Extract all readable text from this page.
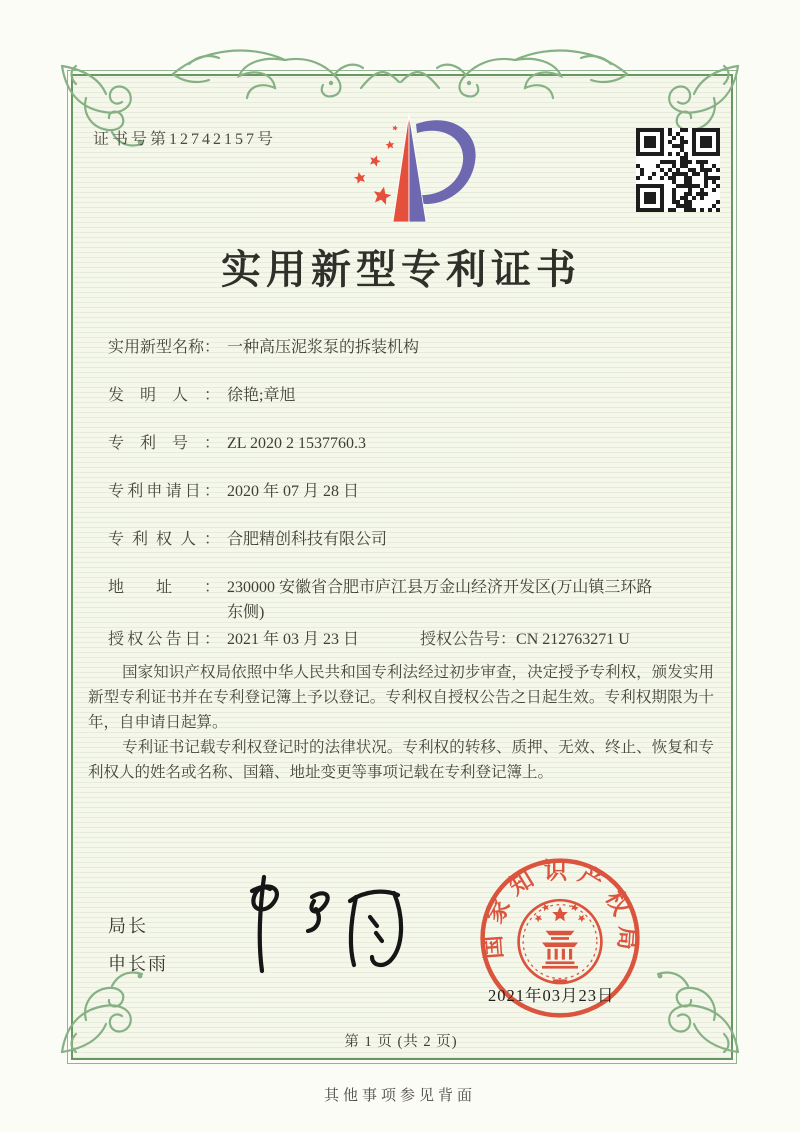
证书号第12742157号
实用新型专利证书
实用新型名称： 一种高压泥浆泵的拆装机构
发明人： 徐艳;章旭
专利号： ZL 2020 2 1537760.3
专利申请日： 2020 年 07 月 28 日
专利权人： 合肥精创科技有限公司
地址： 230000 安徽省合肥市庐江县万金山经济开发区(万山镇三环路东侧)
授权公告日： 2021 年 03 月 23 日	授权公告号：CN 212763271 U

国家知识产权局依照中华人民共和国专利法经过初步审查，决定授予专利权，颁发实用新型专利证书并在专利登记簿上予以登记。专利权自授权公告之日起生效。专利权期限为十年，自申请日起算。

专利证书记载专利权登记时的法律状况。专利权的转移、质押、无效、终止、恢复和专利权人的姓名或名称、国籍、地址变更等事项记载在专利登记簿上。

局长
申长雨
国家知识产权局
2021年03月23日
第 1 页 (共 2 页)
其他事项参见背面
